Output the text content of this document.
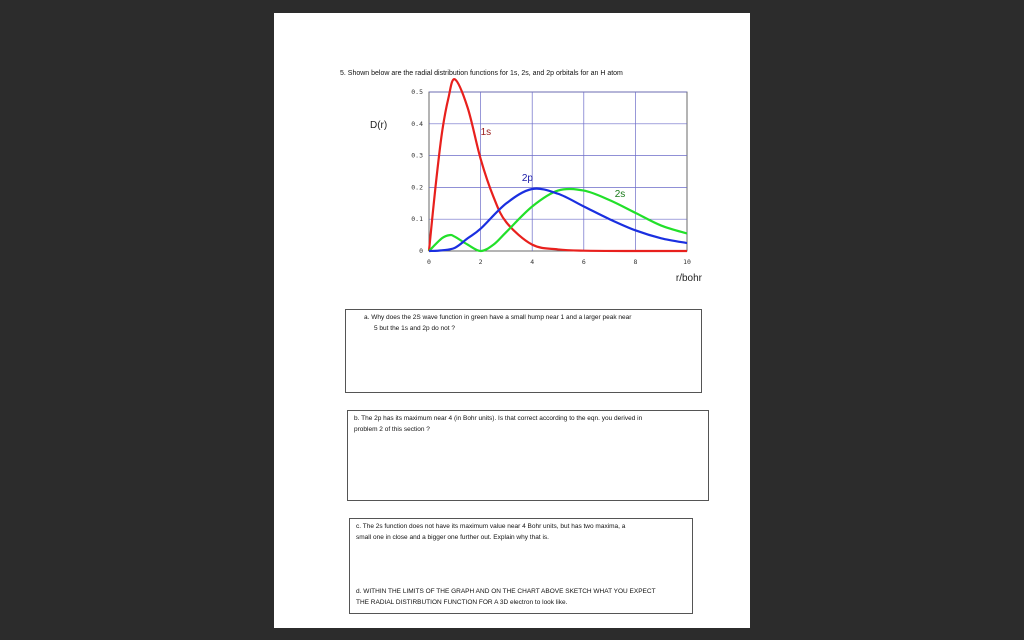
5. Shown below are the radial distribution functions for 1s, 2s, and 2p orbitals for an H atom
0	2	4	6	8	10
0
0.1
0.2
0.3
0.4
0.5
D(r)
r/bohr
1s
2p
2s
a. Why does the 2S wave function in green have a small hump near 1 and a larger peak near
5 but the 1s and 2p do not ?
b. The 2p has its maximum near 4 (in Bohr units). Is that correct according to the eqn. you derived in
problem 2 of this section ?
c. The 2s function does not have its maximum value near 4 Bohr units, but has two maxima, a
small one in close and a bigger one further out. Explain why that is.
d. WITHIN THE LIMITS OF THE GRAPH AND ON THE CHART ABOVE SKETCH WHAT YOU EXPECT
THE RADIAL DISTIRBUTION FUNCTION FOR A 3D electron to look like.
